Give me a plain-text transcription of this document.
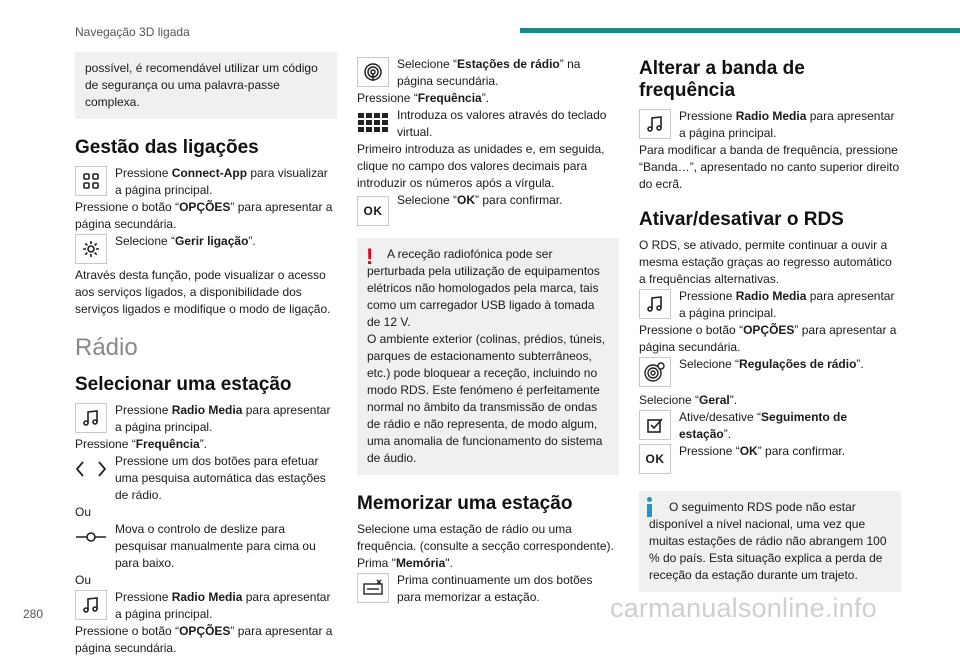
Navegação 3D ligada

possível, é recomendável utilizar um código de segurança ou uma palavra-passe complexa.

Gestão das ligações
Pressione Connect-App para visualizar a página principal.

Pressione o botão “OPÇÕES” para apresentar a página secundária.

Selecione “Gerir ligação”.

Através desta função, pode visualizar o acesso aos serviços ligados, a disponibilidade dos serviços ligados e modifique o modo de ligação.

Rádio
Selecionar uma estação
Pressione Radio Media para apresentar a página principal.

Pressione “Frequência”.

Pressione um dos botões para efetuar uma pesquisa automática das estações de rádio.

Ou

Mova o controlo de deslize para pesquisar manualmente para cima ou para baixo.

Ou

Pressione Radio Media para apresentar a página principal.

Pressione o botão “OPÇÕES” para apresentar a página secundária.

Selecione “Estações de rádio” na página secundária.

Pressione “Frequência”.

Introduza os valores através do teclado virtual.

Primeiro introduza as unidades e, em seguida, clique no campo dos valores decimais para introduzir os números após a vírgula.

OK
Selecione “OK” para confirmar.
!	A receção radiofónica pode ser perturbada pela utilização de equipamentos elétricos não homologados pela marca, tais como um carregador USB ligado à tomada de 12 V.

O ambiente exterior (colinas, prédios, túneis, parques de estacionamento subterrâneos, etc.) pode bloquear a receção, incluindo no modo RDS. Este fenómeno é perfeitamente normal no âmbito da transmissão de ondas de rádio e não representa, de modo algum, uma anomalia de funcionamento do sistema de áudio.

Memorizar uma estação

Selecione uma estação de rádio ou uma frequência. (consulte a secção correspondente).

Prima "Memória".

Prima continuamente um dos botões para memorizar a estação.
Alterar a banda de frequência
Pressione Radio Media para apresentar a página principal.

Para modificar a banda de frequência, pressione “Banda…”, apresentado no canto superior direito do ecrã.

Ativar/desativar o RDS

O RDS, se ativado, permite continuar a ouvir a mesma estação graças ao regresso automático a frequências alternativas.

Pressione Radio Media para apresentar a página principal.

Pressione o botão “OPÇÕES” para apresentar a página secundária.

Selecione “Regulações de rádio”.

Selecione “Geral”.

Ative/desative “Seguimento de estação”.
OK
Pressione “OK” para confirmar.

O seguimento RDS pode não estar disponível a nível nacional, uma vez que muitas estações de rádio não abrangem 100 % do país. Esta situação explica a perda de receção da estação durante um trajeto.

280	carmanualsonline.info
